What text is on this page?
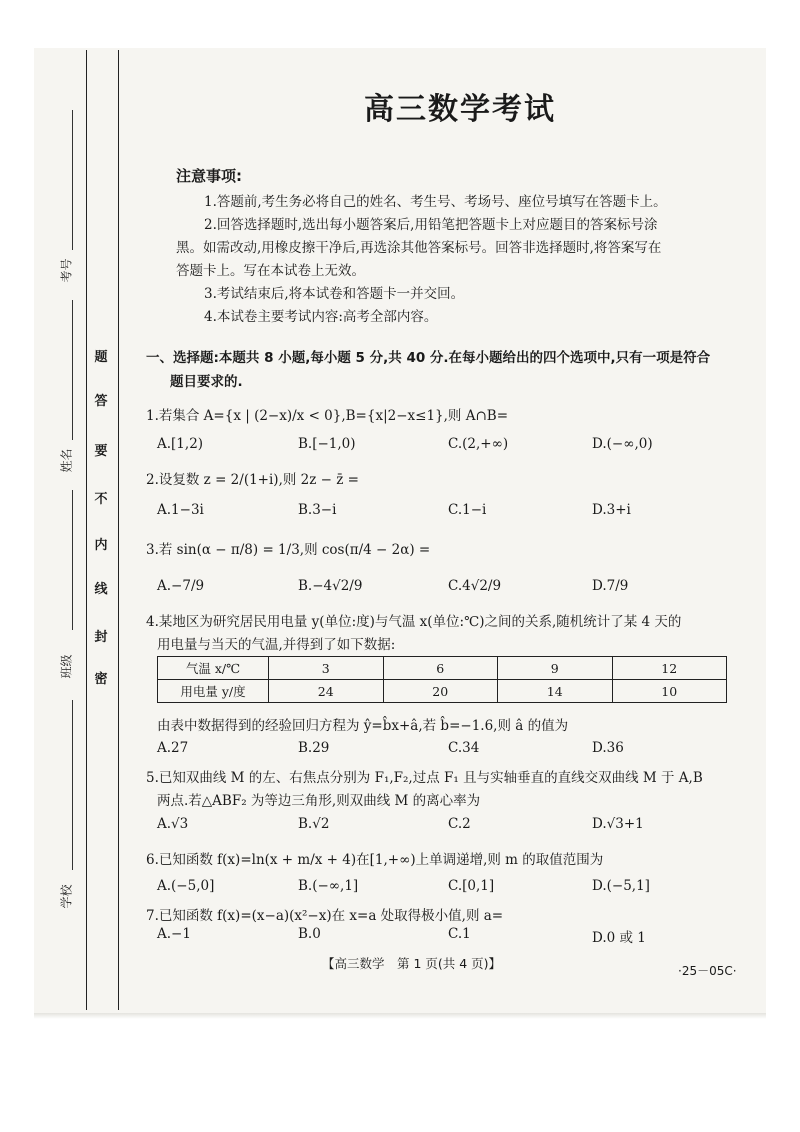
考号
姓名
班级
学校
题
答
要
不
内
线
封
密
高三数学考试
注意事项:
1.答题前,考生务必将自己的姓名、考生号、考场号、座位号填写在答题卡上。
2.回答选择题时,选出每小题答案后,用铅笔把答题卡上对应题目的答案标号涂
黑。如需改动,用橡皮擦干净后,再选涂其他答案标号。回答非选择题时,将答案写在
答题卡上。写在本试卷上无效。
3.考试结束后,将本试卷和答题卡一并交回。
4.本试卷主要考试内容:高考全部内容。
一、选择题:本题共 8 小题,每小题 5 分,共 40 分.在每小题给出的四个选项中,只有一项是符合
题目要求的.
1.若集合 A={x | (2−x)/x < 0},B={x|2−x≤1},则 A∩B=
A.[1,2)	B.[−1,0)	C.(2,+∞)	D.(−∞,0)
2.设复数 z = 2/(1+i),则 2z − z̄ =
A.1−3i	B.3−i	C.1−i	D.3+i
3.若 sin(α − π/8) = 1/3,则 cos(π/4 − 2α) =
A.−7/9	B.−4√2/9	C.4√2/9	D.7/9
4.某地区为研究居民用电量 y(单位:度)与气温 x(单位:℃)之间的关系,随机统计了某 4 天的
用电量与当天的气温,并得到了如下数据:
气温 x/℃	3	6	9	12
用电量 y/度	24	20	14	10
由表中数据得到的经验回归方程为 ŷ=b̂x+â,若 b̂=−1.6,则 â 的值为
A.27	B.29	C.34	D.36
5.已知双曲线 M 的左、右焦点分别为 F₁,F₂,过点 F₁ 且与实轴垂直的直线交双曲线 M 于 A,B
两点.若△ABF₂ 为等边三角形,则双曲线 M 的离心率为
A.√3	B.√2	C.2	D.√3+1
6.已知函数 f(x)=ln(x + m/x + 4)在[1,+∞)上单调递增,则 m 的取值范围为
A.(−5,0]	B.(−∞,1]	C.[0,1]	D.(−5,1]
7.已知函数 f(x)=(x−a)(x²−x)在 x=a 处取得极小值,则 a=
A.−1	B.0	C.1	D.0 或 1
【高三数学　第 1 页(共 4 页)】	·25－05C·
